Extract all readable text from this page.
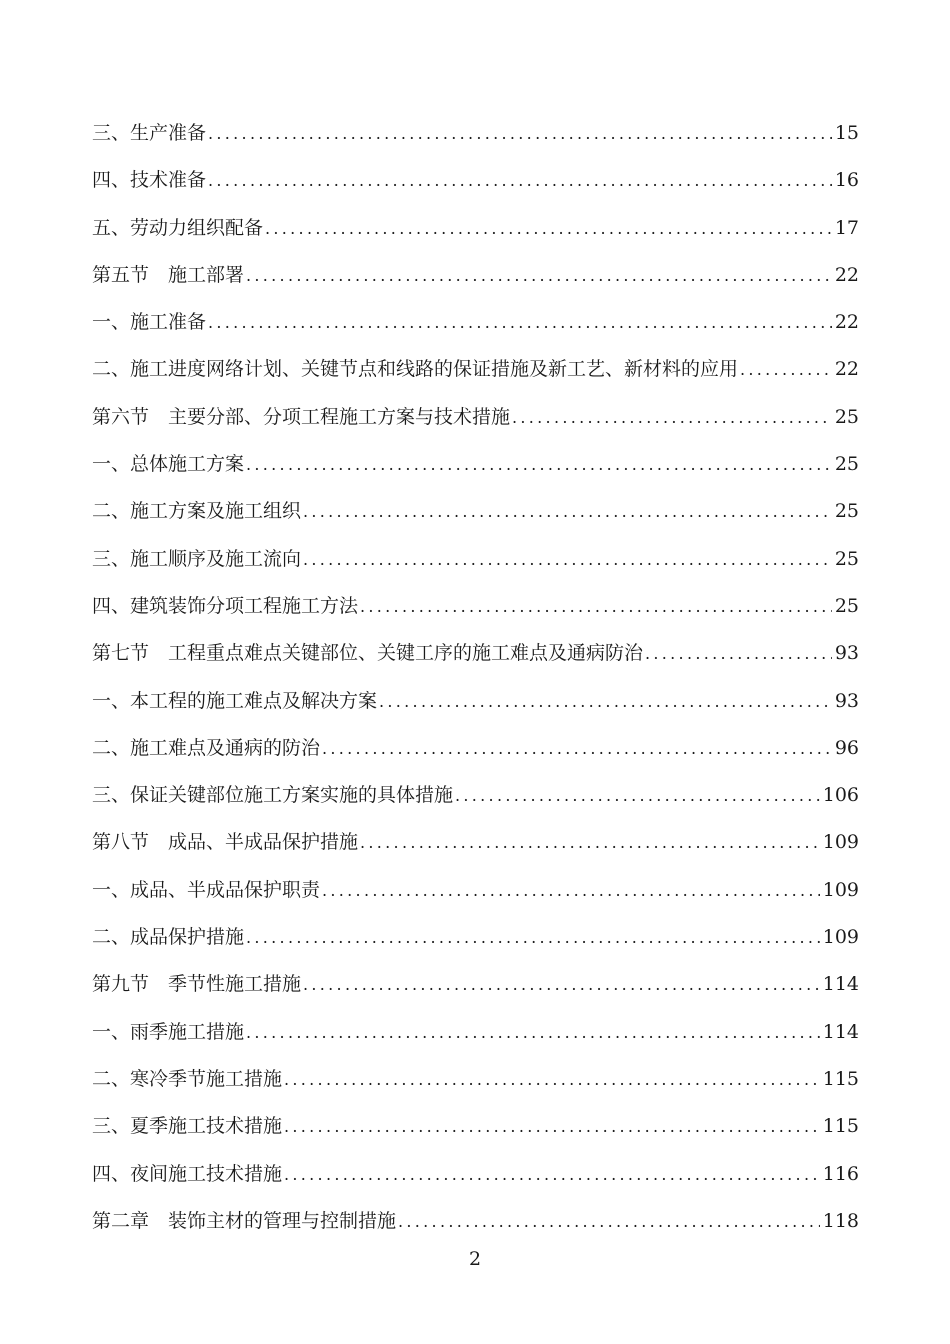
三、生产准备 .....	15
四、技术准备 .....	16
五、劳动力组织配备 .....	17
第五节　施工部署 .....	22
一、施工准备 .....	22
二、施工进度网络计划、关键节点和线路的保证措施及新工艺、新材料的应用 .....	22
第六节　主要分部、分项工程施工方案与技术措施 .....	25
一、总体施工方案 .....	25
二、施工方案及施工组织 .....	25
三、施工顺序及施工流向 .....	25
四、建筑装饰分项工程施工方法 .....	25
第七节　工程重点难点关键部位、关键工序的施工难点及通病防治 .....	93
一、本工程的施工难点及解决方案 .....	93
二、施工难点及通病的防治 .....	96
三、保证关键部位施工方案实施的具体措施 .....	106
第八节　成品、半成品保护措施 .....	109
一、成品、半成品保护职责 .....	109
二、成品保护措施 .....	109
第九节　季节性施工措施 .....	114
一、雨季施工措施 .....	114
二、寒冷季节施工措施 .....	115
三、夏季施工技术措施 .....	115
四、夜间施工技术措施 .....	116
第二章　装饰主材的管理与控制措施 .....	118
2
